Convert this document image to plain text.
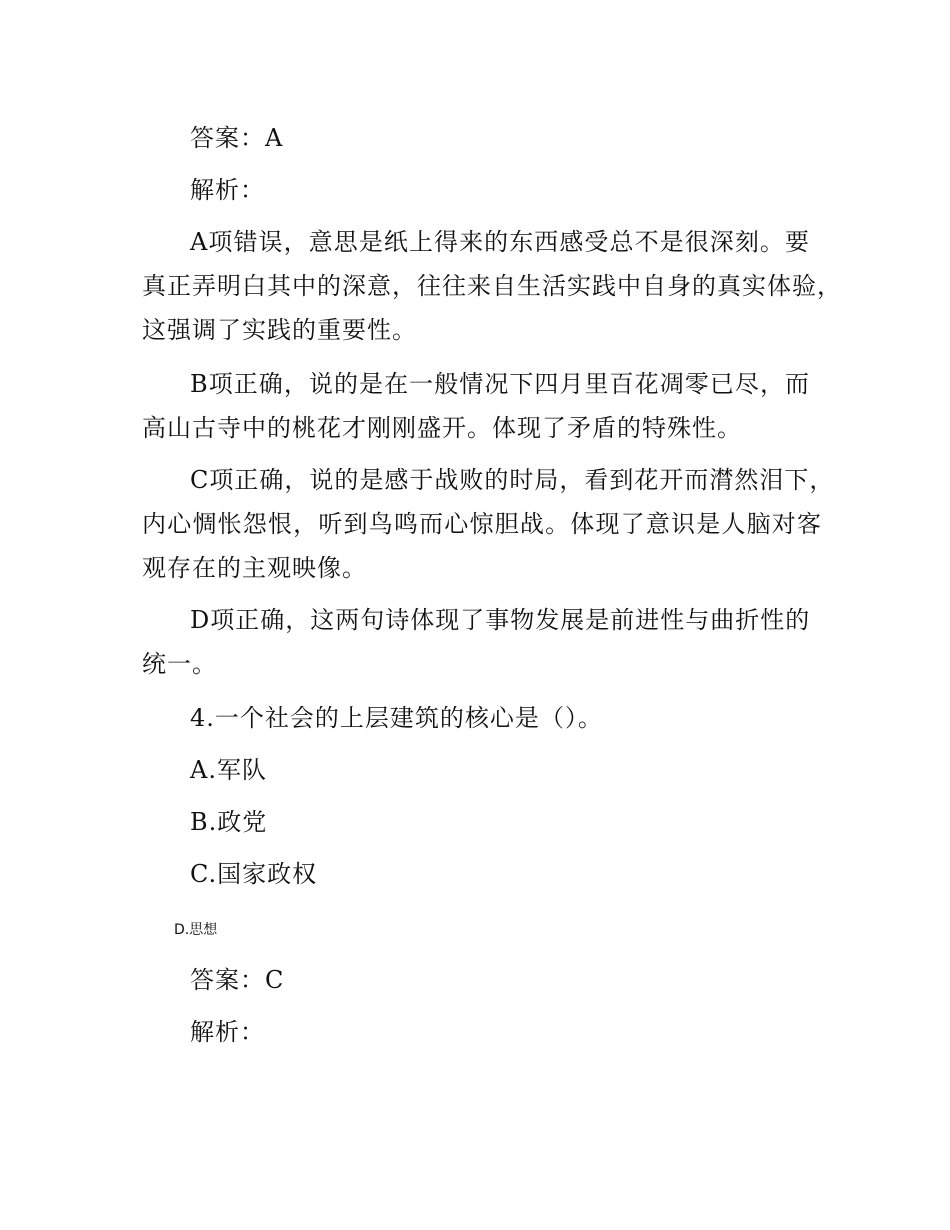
答案：A
解析：
A项错误，意思是纸上得来的东西感受总不是很深刻。要
真正弄明白其中的深意，往往来自生活实践中自身的真实体验，
这强调了实践的重要性。
B项正确，说的是在一般情况下四月里百花凋零已尽，而
高山古寺中的桃花才刚刚盛开。体现了矛盾的特殊性。
C项正确，说的是感于战败的时局，看到花开而潸然泪下，
内心惆怅怨恨，听到鸟鸣而心惊胆战。体现了意识是人脑对客
观存在的主观映像。
D项正确，这两句诗体现了事物发展是前进性与曲折性的
统一。
4.一个社会的上层建筑的核心是（）。
A.军队
B.政党
C.国家政权
D.思想
答案：C
解析：
